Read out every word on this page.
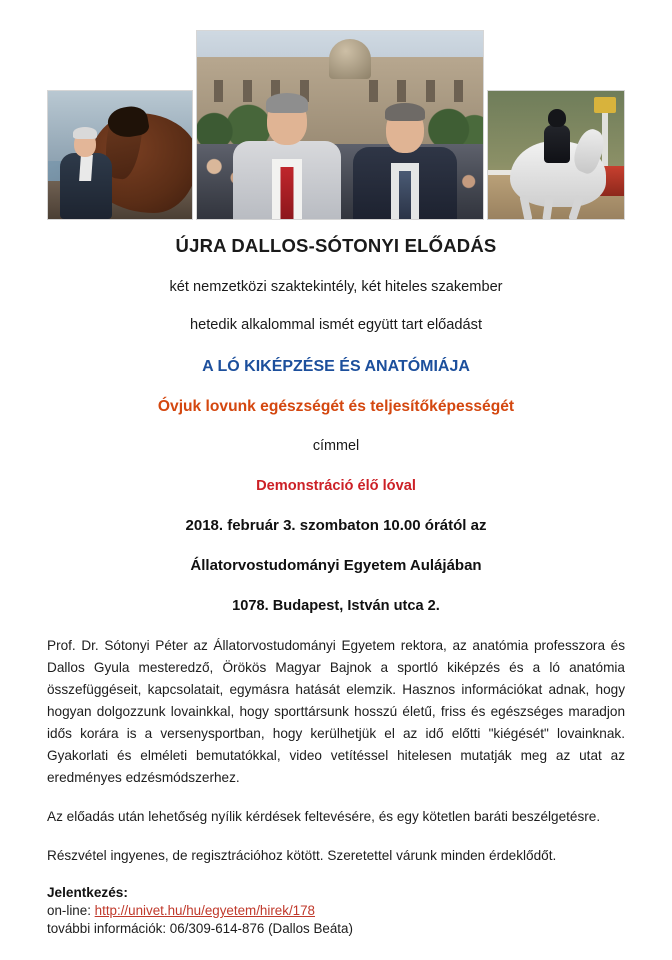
ÚJRA DALLOS-SÓTONYI ELŐADÁS
két nemzetközi szaktekintély, két hiteles szakember
hetedik alkalommal ismét együtt tart előadást
A LÓ KIKÉPZÉSE ÉS ANATÓMIÁJA
Óvjuk lovunk egészségét és teljesítőképességét
címmel
Demonstráció élő lóval
2018. február 3. szombaton 10.00 órától az
Állatorvostudományi Egyetem Aulájában
1078. Budapest, István utca 2.

Prof. Dr. Sótonyi Péter az Állatorvostudományi Egyetem rektora, az anatómia professzora és Dallos Gyula mesteredző, Örökös Magyar Bajnok a sportló kiképzés és a ló anatómia összefüggéseit, kapcsolatait, egymásra hatását elemzik. Hasznos információkat adnak, hogy hogyan dolgozzunk lovainkkal, hogy sporttársunk hosszú életű, friss és egészséges maradjon idős korára is a versenysportban, hogy kerülhetjük el az idő előtti "kiégését" lovainknak. Gyakorlati és elméleti bemutatókkal, video vetítéssel hitelesen mutatják meg az utat az eredményes edzésmódszerhez.

Az előadás után lehetőség nyílik kérdések feltevésére, és egy kötetlen baráti beszélgetésre.

Részvétel ingyenes, de regisztrációhoz kötött. Szeretettel várunk minden érdeklődőt.

Jelentkezés:
on-line: http://univet.hu/hu/egyetem/hirek/178
további információk: 06/309-614-876 (Dallos Beáta)
